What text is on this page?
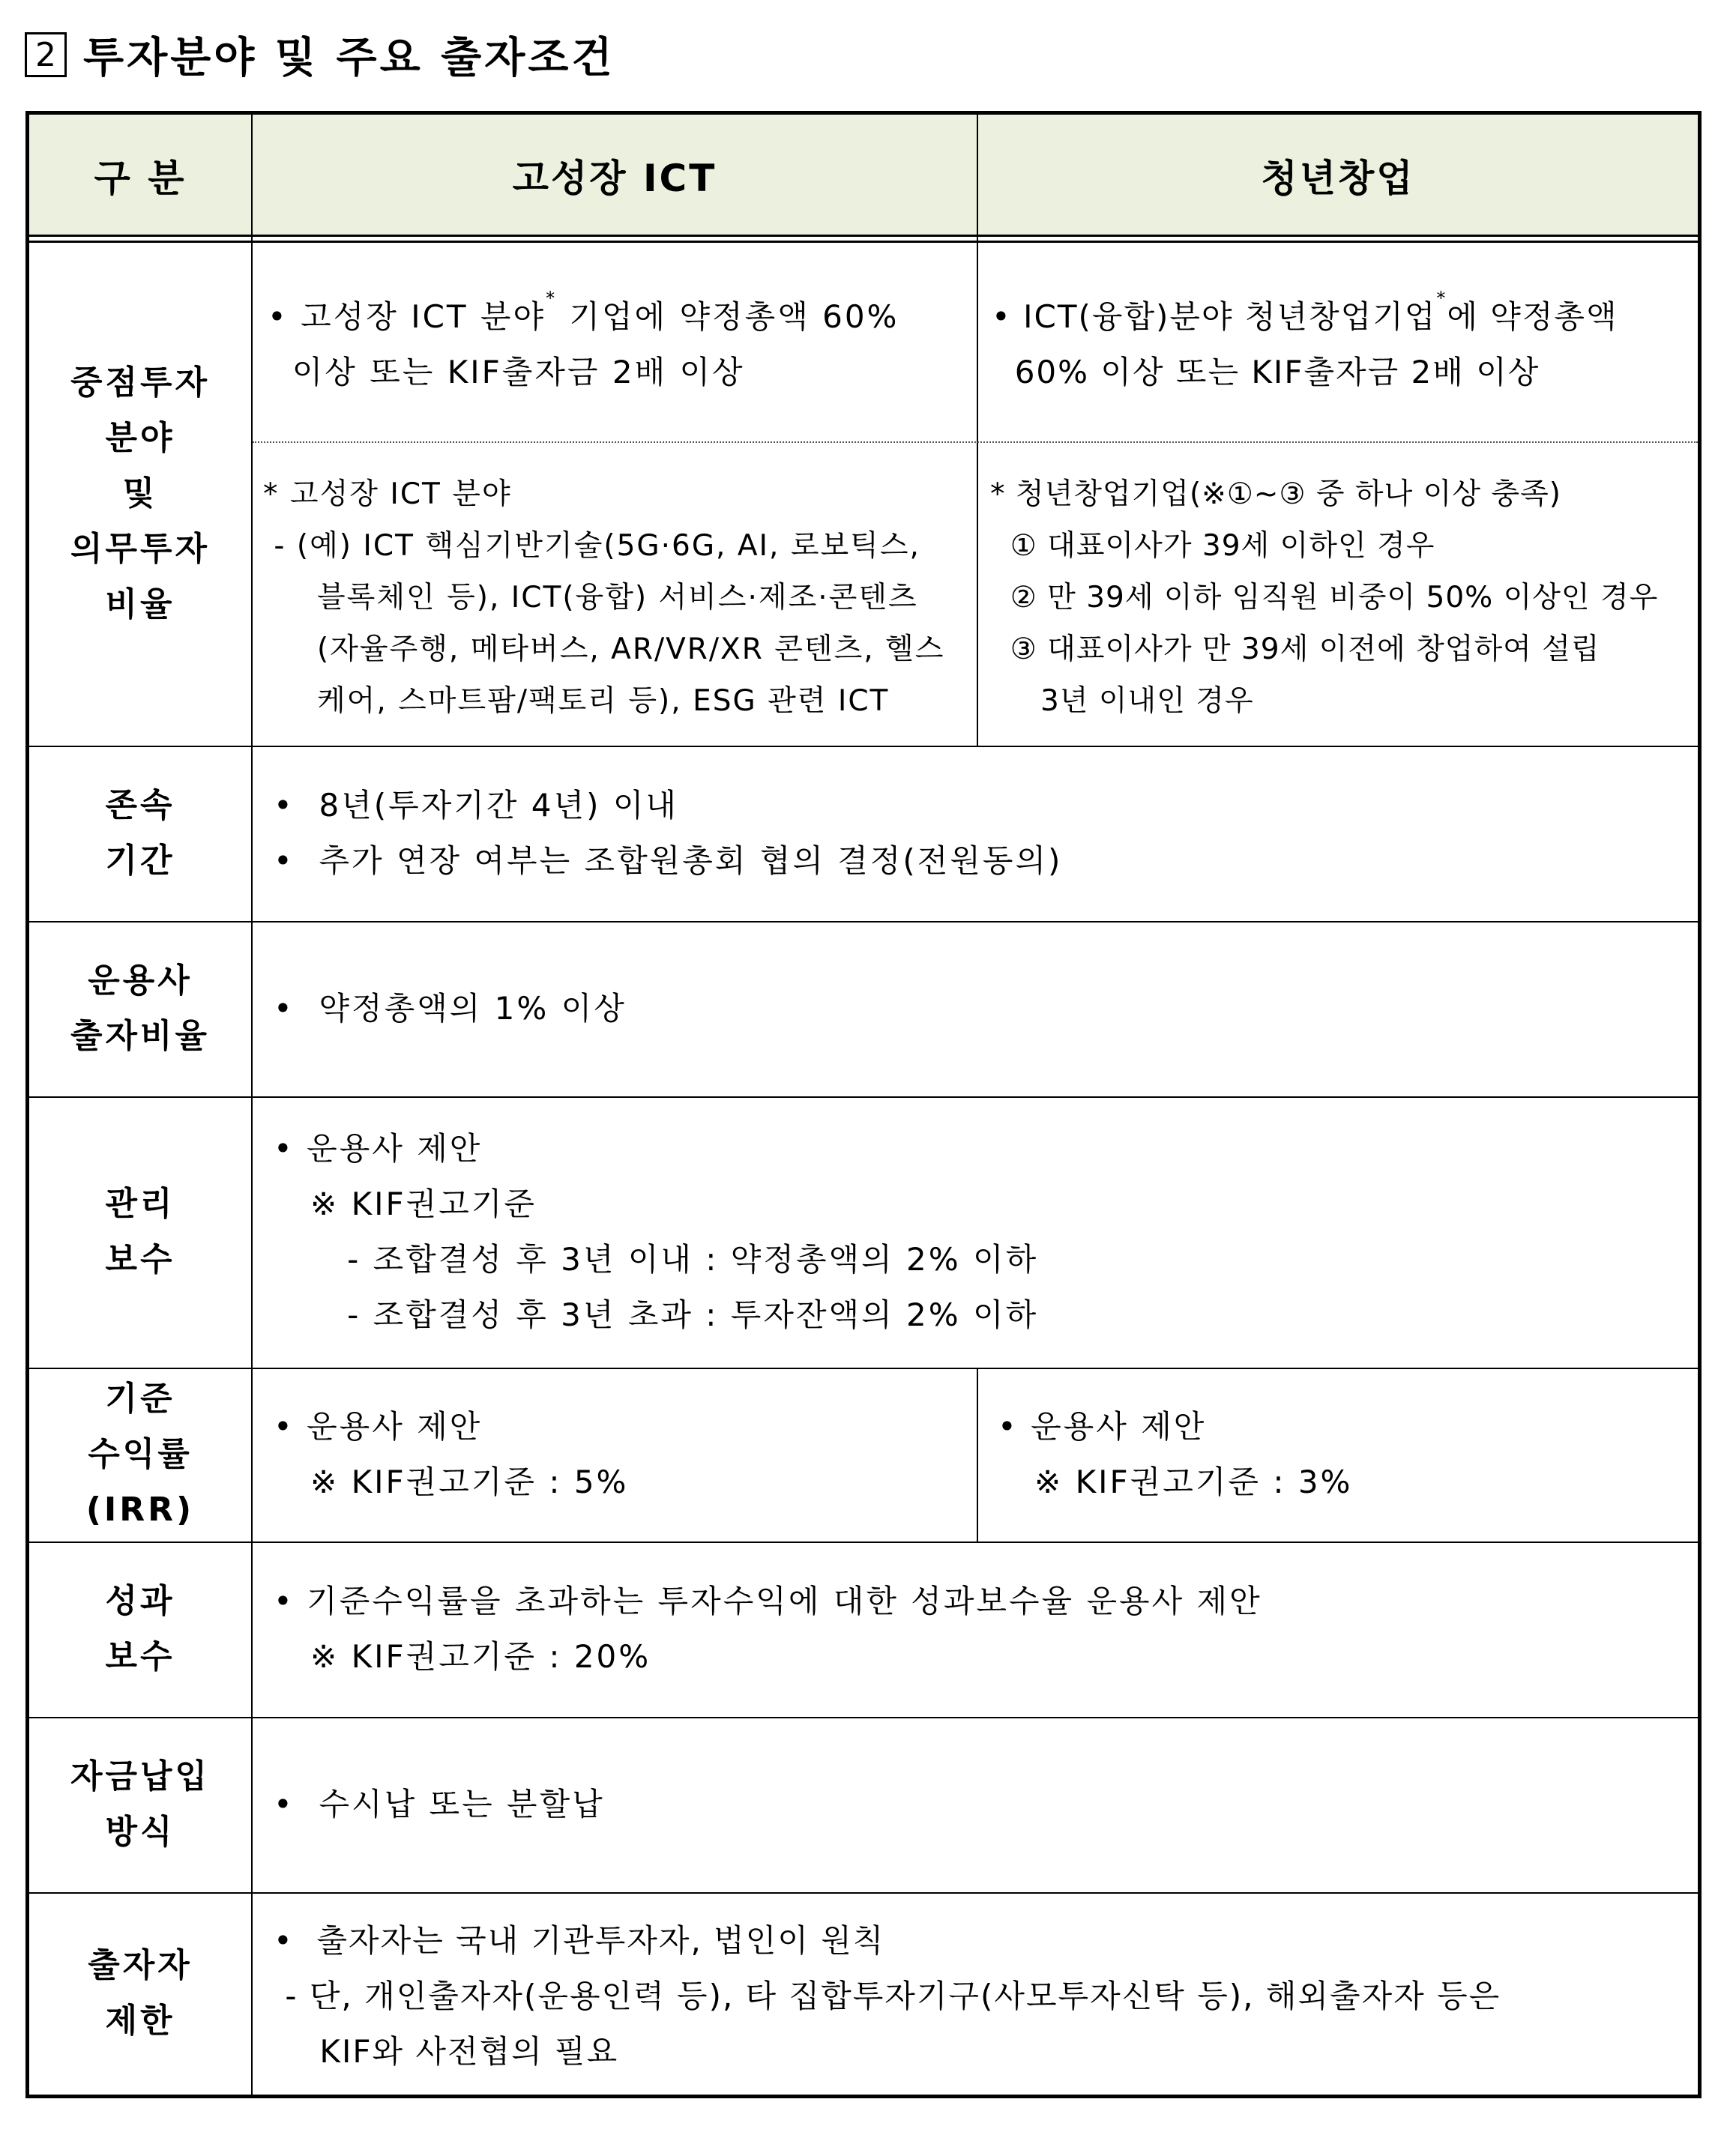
2 투자분야 및 주요 출자조건
구 분	고성장 ICT	청년창업
중점투자
분야
및
의무투자
비율
• 고성장 ICT 분야* 기업에 약정총액 60%
이상 또는 KIF출자금 2배 이상
• ICT(융합)분야 청년창업기업*에 약정총액
60% 이상 또는 KIF출자금 2배 이상
* 고성장 ICT 분야
- (예) ICT 핵심기반기술(5G·6G, AI, 로보틱스,
블록체인 등), ICT(융합) 서비스·제조·콘텐츠
(자율주행, 메타버스, AR/VR/XR 콘텐츠, 헬스
케어, 스마트팜/팩토리 등), ESG 관련 ICT
* 청년창업기업(※①~③ 중 하나 이상 충족)
① 대표이사가 39세 이하인 경우
② 만 39세 이하 임직원 비중이 50% 이상인 경우
③ 대표이사가 만 39세 이전에 창업하여 설립
3년 이내인 경우
존속
기간
•  8년(투자기간 4년) 이내
•  추가 연장 여부는 조합원총회 협의 결정(전원동의)
운용사
출자비율
•  약정총액의 1% 이상
관리
보수
• 운용사 제안
※ KIF권고기준
- 조합결성 후 3년 이내 : 약정총액의 2% 이하
- 조합결성 후 3년 초과 : 투자잔액의 2% 이하
기준
수익률
(IRR)
• 운용사 제안
※ KIF권고기준 : 5%
• 운용사 제안
※ KIF권고기준 : 3%
성과
보수
• 기준수익률을 초과하는 투자수익에 대한 성과보수율 운용사 제안
※ KIF권고기준 : 20%
자금납입
방식
•  수시납 또는 분할납
출자자
제한
•  출자자는 국내 기관투자자, 법인이 원칙
- 단, 개인출자자(운용인력 등), 타 집합투자기구(사모투자신탁 등), 해외출자자 등은
KIF와 사전협의 필요
